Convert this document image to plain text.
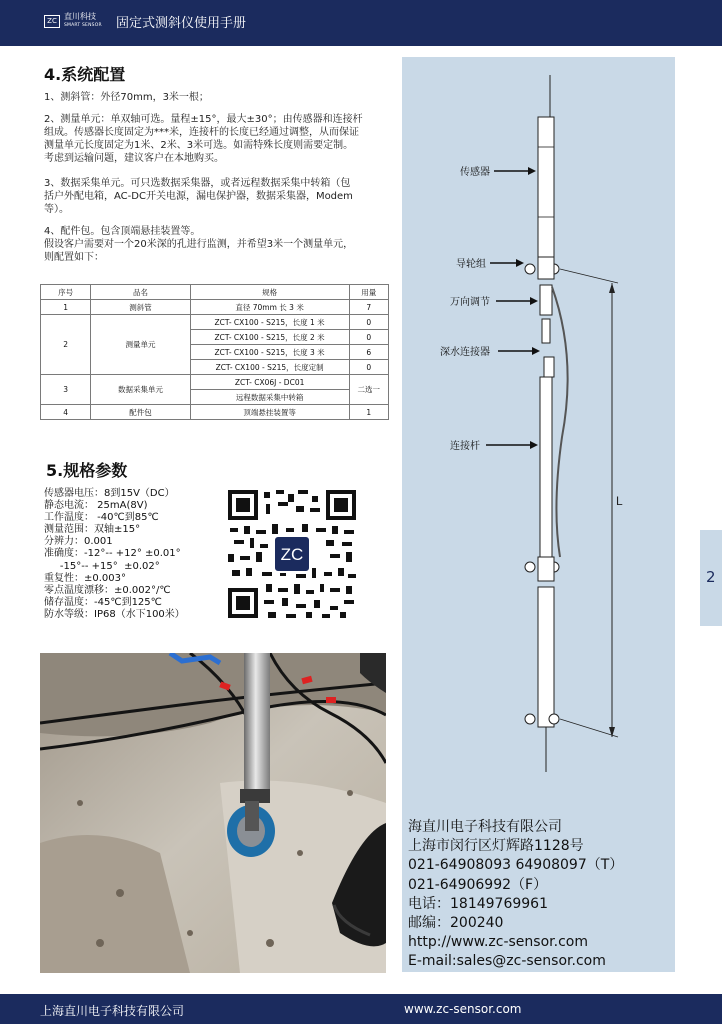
ZC 直川科技
SMART SENSOR 固定式测斜仪使用手册
4.系统配置
1、测斜管：外径70mm，3米一根；
2、测量单元：单双轴可选。量程±15°，最大±30°；由传感器和连接杆
组成。传感器长度固定为***米，连接杆的长度已经通过调整，从而保证
测量单元长度固定为1米、2米、3米可选。如需特殊长度则需要定制。
考虑到运输问题，建议客户在本地购买。
3、数据采集单元。可只选数据采集器，或者远程数据采集中转箱（包
括户外配电箱，AC-DC开关电源，漏电保护器，数据采集器，Modem
等）。
4、配件包。包含顶端悬挂装置等。
假设客户需要对一个20米深的孔进行监测，并希望3米一个测量单元，
则配置如下：
序号	品名	规格	用量
1	测斜管	直径 70mm 长 3 米	7
2	测量单元	ZCT- CX100 - S215，长度 1 米	0
		ZCT- CX100 - S215，长度 2 米	0
		ZCT- CX100 - S215，长度 3 米	6
		ZCT- CX100 - S215，长度定制	0
3	数据采集单元	ZCT- CX06J - DC01	二选一
		远程数据采集中转箱	
4	配件包	顶端悬挂装置等	1
5.规格参数
传感器电压：8到15V（DC）
静态电流： 25mA(8V)
工作温度： -40℃到85℃
测量范围：双轴±15°
分辨力：0.001
准确度：-12°-- +12° ±0.01°
-15°-- +15°  ±0.02°
重复性：±0.003°
零点温度漂移：±0.002°/℃
储存温度：-45℃到125℃
防水等级：IP68（水下100米）
ZC
L
传感器
导轮组
万向调节
深水连接器
连接杆
海直川电子科技有限公司
上海市闵行区灯辉路1128号
021-64908093 64908097（T）
021-64906992（F）
电话：18149769961
邮编：200240
http://www.zc-sensor.com
E-mail:sales@zc-sensor.com
2
上海直川电子科技有限公司	www.zc-sensor.com
